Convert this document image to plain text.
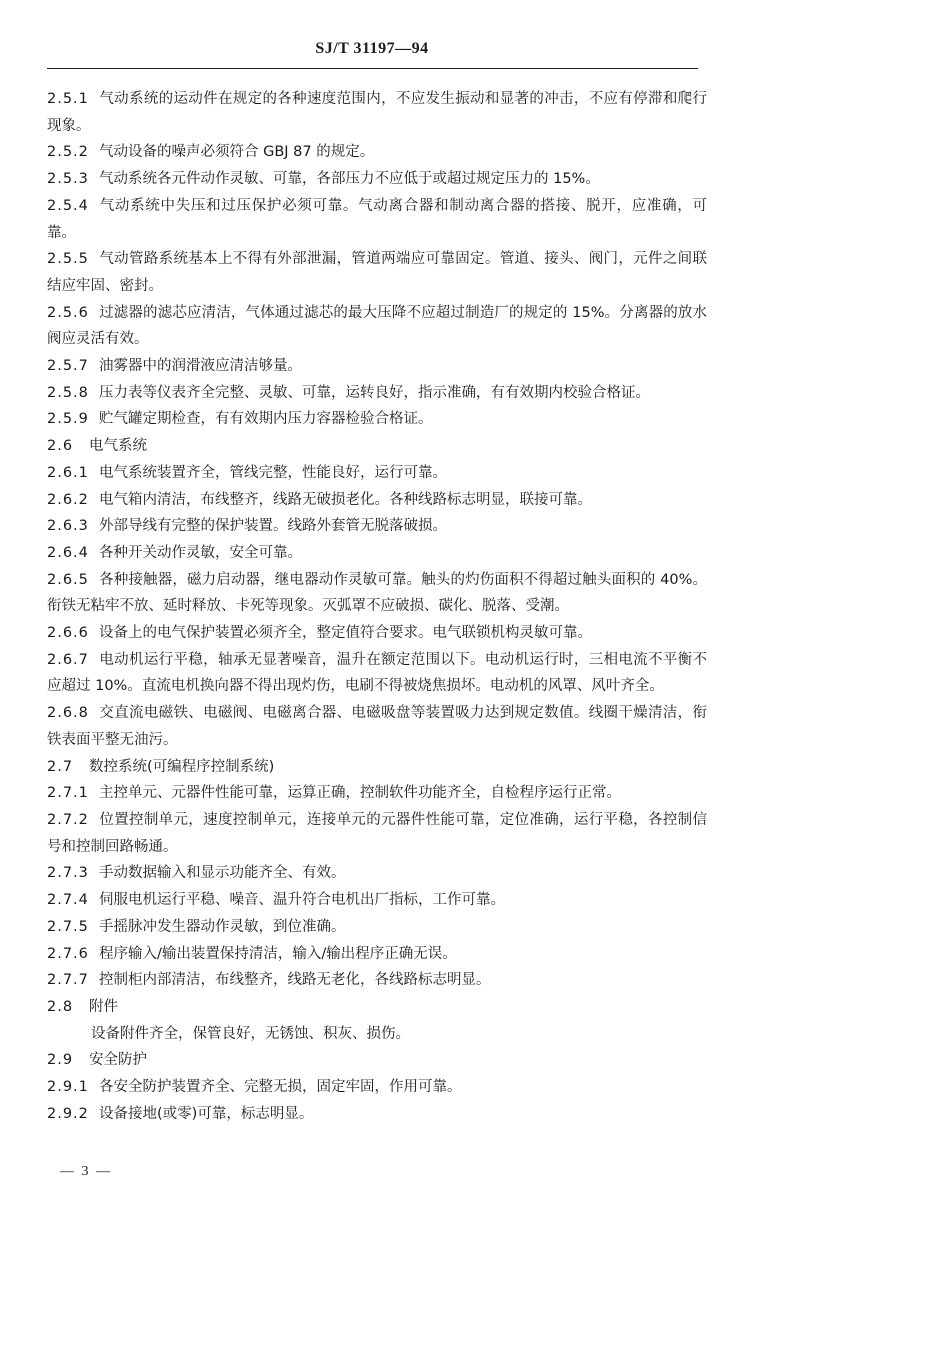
SJ/T 31197—94

2.5.1 气动系统的运动件在规定的各种速度范围内，不应发生振动和显著的冲击，不应有停滞和爬行现象。

2.5.2 气动设备的噪声必须符合 GBJ 87 的规定。

2.5.3 气动系统各元件动作灵敏、可靠，各部压力不应低于或超过规定压力的 15%。

2.5.4 气动系统中失压和过压保护必须可靠。气动离合器和制动离合器的搭接、脱开，应准确，可靠。

2.5.5 气动管路系统基本上不得有外部泄漏，管道两端应可靠固定。管道、接头、阀门，元件之间联结应牢固、密封。

2.5.6 过滤器的滤芯应清洁，气体通过滤芯的最大压降不应超过制造厂的规定的 15%。分离器的放水阀应灵活有效。

2.5.7 油雾器中的润滑液应清洁够量。

2.5.8 压力表等仪表齐全完整、灵敏、可靠，运转良好，指示准确，有有效期内校验合格证。

2.5.9 贮气罐定期检查，有有效期内压力容器检验合格证。

2.6 电气系统

2.6.1 电气系统装置齐全，管线完整，性能良好，运行可靠。

2.6.2 电气箱内清洁，布线整齐，线路无破损老化。各种线路标志明显，联接可靠。

2.6.3 外部导线有完整的保护装置。线路外套管无脱落破损。

2.6.4 各种开关动作灵敏，安全可靠。

2.6.5 各种接触器，磁力启动器，继电器动作灵敏可靠。触头的灼伤面积不得超过触头面积的 40%。衔铁无粘牢不放、延时释放、卡死等现象。灭弧罩不应破损、碳化、脱落、受潮。

2.6.6 设备上的电气保护装置必须齐全，整定值符合要求。电气联锁机构灵敏可靠。

2.6.7 电动机运行平稳，轴承无显著噪音，温升在额定范围以下。电动机运行时，三相电流不平衡不应超过 10%。直流电机换向器不得出现灼伤，电刷不得被烧焦损坏。电动机的风罩、风叶齐全。

2.6.8 交直流电磁铁、电磁阀、电磁离合器、电磁吸盘等装置吸力达到规定数值。线圈干燥清洁，衔铁表面平整无油污。

2.7 数控系统(可编程序控制系统)

2.7.1 主控单元、元器件性能可靠，运算正确，控制软件功能齐全，自检程序运行正常。

2.7.2 位置控制单元，速度控制单元，连接单元的元器件性能可靠，定位准确，运行平稳，各控制信号和控制回路畅通。

2.7.3 手动数据输入和显示功能齐全、有效。

2.7.4 伺服电机运行平稳、噪音、温升符合电机出厂指标，工作可靠。

2.7.5 手摇脉冲发生器动作灵敏，到位准确。

2.7.6 程序输入/输出装置保持清洁，输入/输出程序正确无误。

2.7.7 控制柜内部清洁，布线整齐，线路无老化，各线路标志明显。

2.8 附件

设备附件齐全，保管良好，无锈蚀、积灰、损伤。

2.9 安全防护

2.9.1 各安全防护装置齐全、完整无损，固定牢固，作用可靠。

2.9.2 设备接地(或零)可靠，标志明显。

— 3 —
